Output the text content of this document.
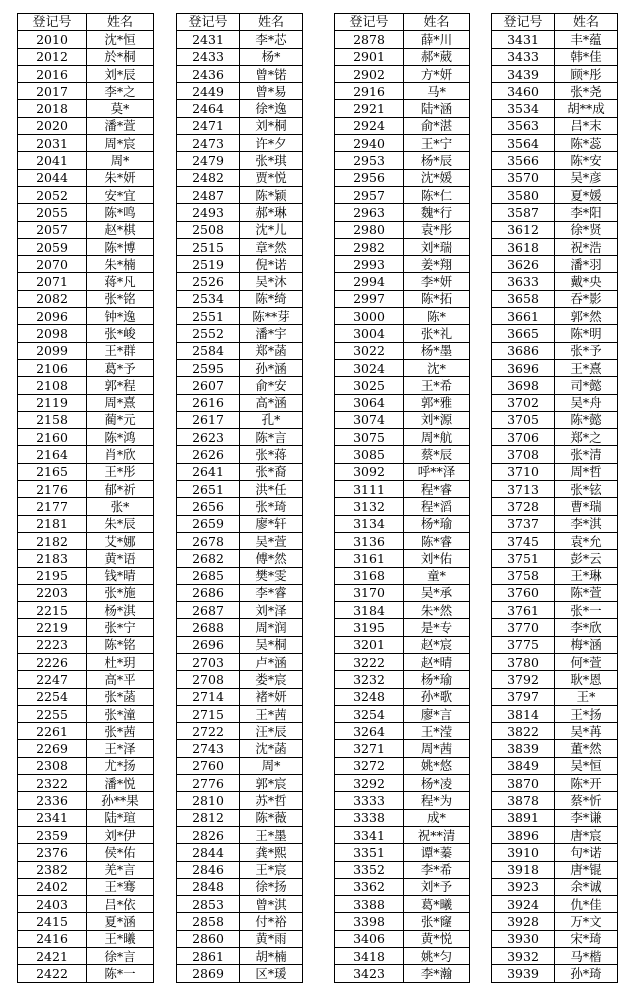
登记号	姓名
2010	沈*恒
2012	於*桐
2016	刘*辰
2017	李*之
2018	莫*
2020	潘*萱
2031	周*宸
2041	周*
2044	朱*妍
2052	安*宜
2055	陈*鸣
2057	赵*棋
2059	陈*博
2070	朱*楠
2071	蒋*凡
2082	张*铭
2096	钟*逸
2098	张*峻
2099	王*群
2106	葛*予
2108	郭*程
2119	周*熹
2158	蔺*元
2160	陈*鸿
2164	肖*欣
2165	王*彤
2176	郁*祈
2177	张*
2181	朱*辰
2182	艾*娜
2183	黄*语
2195	钱*晴
2203	张*施
2215	杨*淇
2219	张*宁
2223	陈*铭
2226	杜*玥
2247	高*平
2254	张*菡
2255	张*潼
2261	张*茜
2269	王*泽
2308	尤*扬
2322	潘*悦
2336	孙**果
2341	陆*瑄
2359	刘*伊
2376	侯*佑
2382	羌*言
2402	王*骞
2403	吕*依
2415	夏*涵
2416	王*曦
2421	徐*言
2422	陈*一
登记号	姓名
2431	李*芯
2433	杨*
2436	曾*锘
2449	曾*易
2464	徐*逸
2471	刘*桐
2473	许*夕
2479	张*琪
2482	贾*悦
2487	陈*颖
2493	郝*琳
2508	沈*儿
2515	章*然
2519	倪*诺
2526	吴*沐
2534	陈*绮
2551	陈**芽
2552	潘*宇
2584	郑*菡
2595	孙*涵
2607	俞*安
2616	高*涵
2617	孔*
2623	陈*言
2626	张*蒋
2641	张*裔
2651	洪*任
2656	张*琦
2659	廖*轩
2678	吴*萱
2682	傅*然
2685	樊*雯
2686	李*睿
2687	刘*泽
2688	周*润
2696	吴*桐
2703	卢*涵
2708	娄*宸
2714	褚*妍
2715	王*茜
2722	汪*辰
2743	沈*菡
2760	周*
2776	郭*宸
2810	苏*哲
2812	陈*薇
2826	王*墨
2844	龚*熙
2846	王*宸
2848	徐*扬
2853	曾*淇
2858	付*裕
2860	黄*雨
2861	胡*楠
2869	区*瑗
登记号	姓名
2878	薛*川
2901	郝*葳
2902	方*妍
2916	马*
2921	陆*涵
2924	俞*湛
2940	王*宁
2953	杨*辰
2956	沈*媛
2957	陈*仁
2963	魏*行
2980	袁*彤
2982	刘*瑞
2993	姜*翔
2994	李*妍
2997	陈*拓
3000	陈*
3004	张*礼
3022	杨*墨
3024	沈*
3025	王*希
3064	郭*雅
3074	刘*源
3075	周*航
3085	蔡*辰
3092	呼**泽
3111	程*睿
3132	程*滔
3134	杨*瑜
3136	陈*睿
3161	刘*佑
3168	童*
3170	吴*承
3184	朱*然
3195	是*专
3201	赵*宸
3222	赵*晴
3232	杨*瑜
3248	孙*歌
3254	廖*言
3264	王*滢
3271	周*茜
3272	姚*悠
3292	杨*凌
3333	程*为
3338	成*
3341	祝**清
3351	谭*蓁
3352	李*希
3362	刘*予
3388	葛*曦
3398	张*窿
3406	黄*悦
3418	姚*匀
3423	李*瀚
登记号	姓名
3431	丰*蕴
3433	韩*佳
3439	顾*彤
3460	张*尧
3534	胡**成
3563	吕*末
3564	陈*蕊
3566	陈*安
3570	吴*彦
3580	夏*媛
3587	李*阳
3612	徐*贤
3618	祝*浩
3626	潘*羽
3633	戴*央
3658	吞*影
3661	郭*然
3665	陈*明
3686	张*予
3696	王*熹
3698	司*懿
3702	吴*舟
3705	陈*懿
3706	郑*之
3708	张*清
3710	周*哲
3713	张*铉
3728	曹*瑞
3737	李*淇
3745	袁*允
3751	彭*云
3758	王*琳
3760	陈*萱
3761	张*一
3770	李*欣
3775	梅*涵
3780	何*萱
3792	耿*恩
3797	王*
3814	王*扬
3822	吴*苒
3839	董*然
3849	吴*恒
3870	陈*开
3878	蔡*忻
3891	李*谦
3896	唐*宸
3910	句*诺
3918	唐*锟
3923	余*诚
3924	仇*佳
3928	万*文
3930	宋*琦
3932	马*楷
3939	孙*琦
